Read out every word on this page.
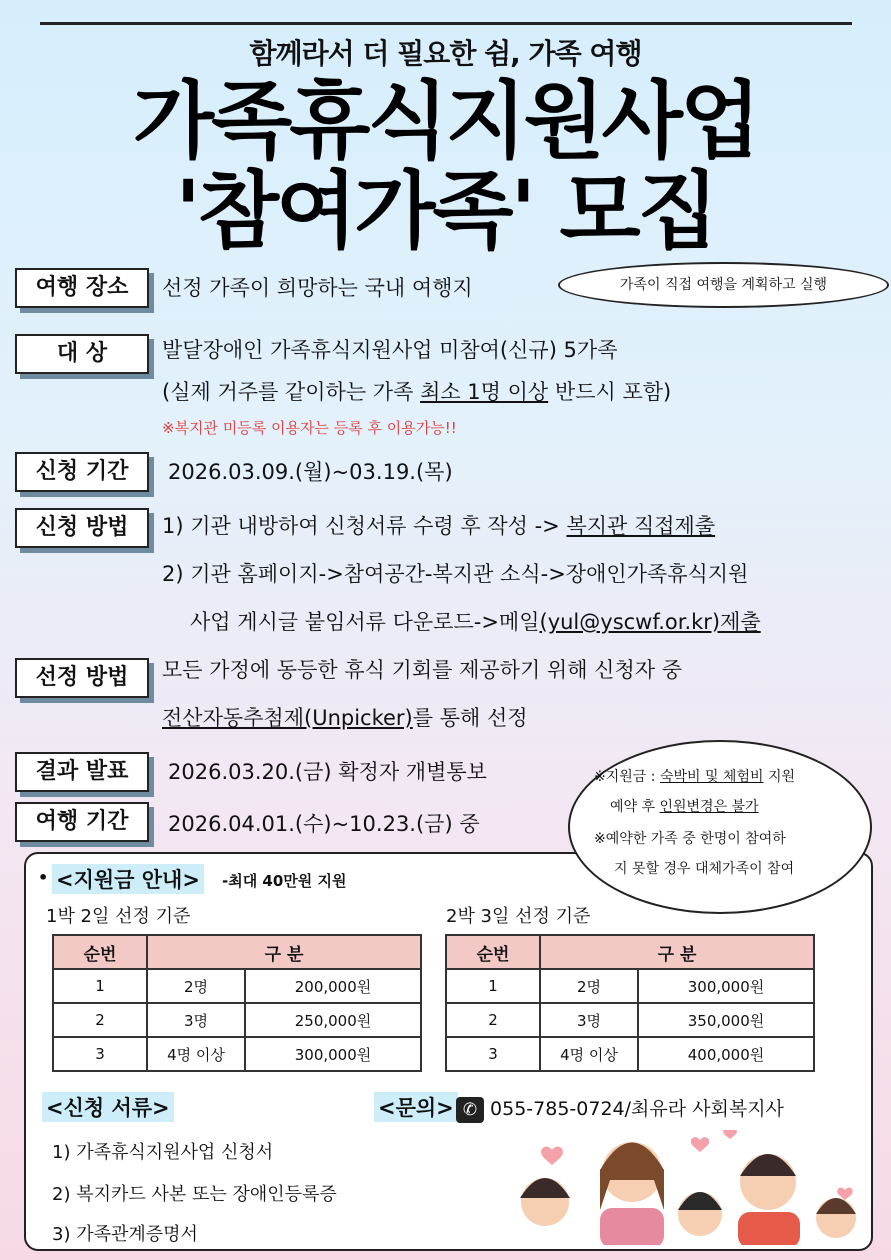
함께라서 더 필요한 쉼, 가족 여행
가족휴식지원사업
'참여가족' 모집
여행 장소	선정 가족이 희망하는 국내 여행지	가족이 직접 여행을 계획하고 실행
대 상	발달장애인 가족휴식지원사업 미참여(신규) 5가족
(실제 거주를 같이하는 가족 최소 1명 이상 반드시 포함)
※복지관 미등록 이용자는 등록 후 이용가능!!
신청 기간	2026.03.09.(월)~03.19.(목)
신청 방법	1) 기관 내방하여 신청서류 수령 후 작성 -> 복지관 직접제출
2) 기관 홈페이지->참여공간-복지관 소식->장애인가족휴식지원
사업 게시글 붙임서류 다운로드->메일(yul@yscwf.or.kr)제출
선정 방법	모든 가정에 동등한 휴식 기회를 제공하기 위해 신청자 중
전산자동추첨제(Unpicker)를 통해 선정
결과 발표	2026.03.20.(금) 확정자 개별통보
여행 기간	2026.04.01.(수)~10.23.(금) 중
※지원금 : 숙박비 및 체험비 지원
예약 후 인원변경은 불가
※예약한 가족 중 한명이 참여하
지 못할 경우 대체가족이 참여
• <지원금 안내> -최대 40만원 지원
1박 2일 선정 기준	2박 3일 선정 기준
순번	구 분	
1	2명	200,000원
2	3명	250,000원
3	4명 이상	300,000원
순번	구 분	
1	2명	300,000원
2	3명	350,000원
3	4명 이상	400,000원
<신청 서류>
1) 가족휴식지원사업 신청서
2) 복지카드 사본 또는 장애인등록증
3) 가족관계증명서
<문의> ✆ 055-785-0724/최유라 사회복지사
